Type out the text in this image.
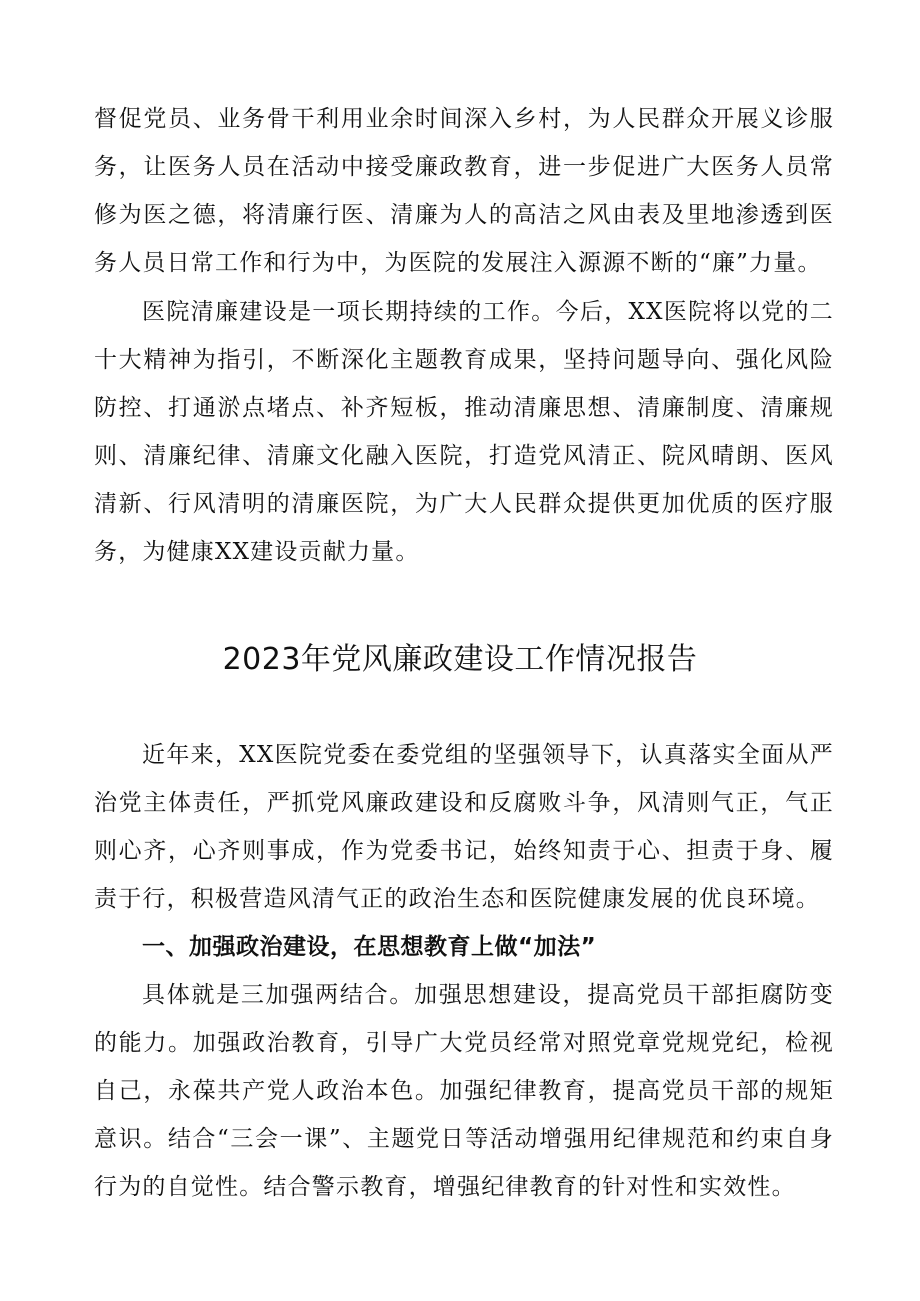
督促党员、业务骨干利用业余时间深入乡村，为人民群众开展义诊服务，让医务人员在活动中接受廉政教育，进一步促进广大医务人员常修为医之德，将清廉行医、清廉为人的高洁之风由表及里地渗透到医务人员日常工作和行为中，为医院的发展注入源源不断的“廉”力量。

医院清廉建设是一项长期持续的工作。今后，XX医院将以党的二十大精神为指引，不断深化主题教育成果，坚持问题导向、强化风险防控、打通淤点堵点、补齐短板，推动清廉思想、清廉制度、清廉规则、清廉纪律、清廉文化融入医院，打造党风清正、院风晴朗、医风清新、行风清明的清廉医院，为广大人民群众提供更加优质的医疗服务，为健康XX建设贡献力量。

2023年党风廉政建设工作情况报告

近年来，XX医院党委在委党组的坚强领导下，认真落实全面从严治党主体责任，严抓党风廉政建设和反腐败斗争，风清则气正，气正则心齐，心齐则事成，作为党委书记，始终知责于心、担责于身、履责于行，积极营造风清气正的政治生态和医院健康发展的优良环境。

一、加强政治建设，在思想教育上做“加法”

具体就是三加强两结合。加强思想建设，提高党员干部拒腐防变的能力。加强政治教育，引导广大党员经常对照党章党规党纪，检视自己，永葆共产党人政治本色。加强纪律教育，提高党员干部的规矩意识。结合“三会一课”、主题党日等活动增强用纪律规范和约束自身行为的自觉性。结合警示教育，增强纪律教育的针对性和实效性。
